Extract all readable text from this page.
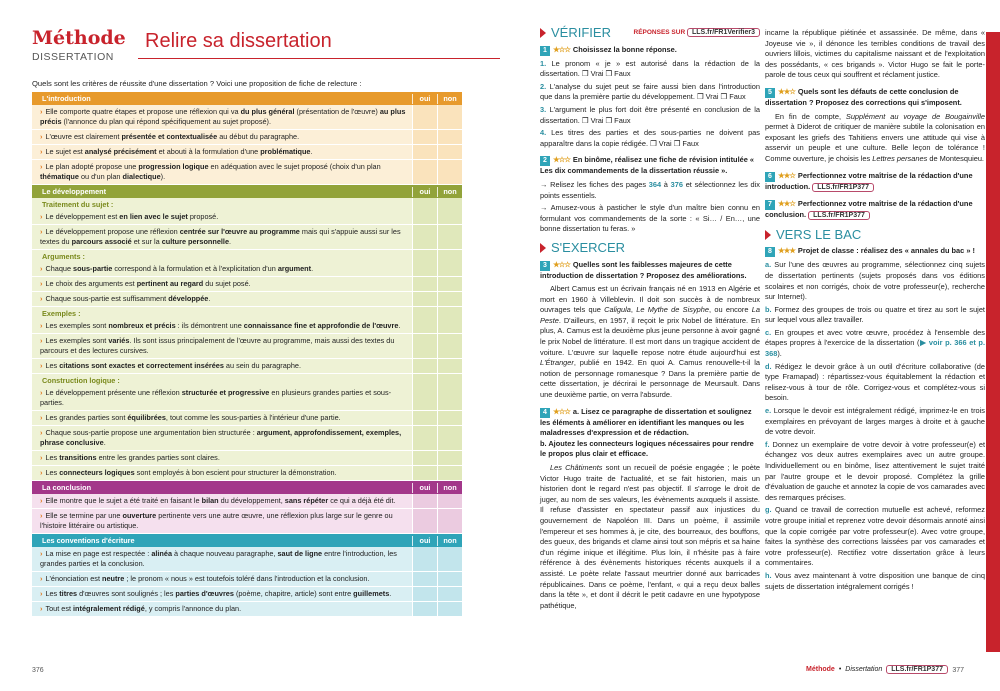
Méthode
DISSERTATION
Relire sa dissertation
Quels sont les critères de réussite d'une dissertation ? Voici une proposition de fiche de relecture :
L'introduction	oui	non
› Elle comporte quatre étapes et propose une réflexion qui va du plus général (présentation de l'œuvre) au plus précis (l'annonce du plan qui répond spécifiquement au sujet proposé).
› L'œuvre est clairement présentée et contextualisée au début du paragraphe.
› Le sujet est analysé précisément et abouti à la formulation d'une problématique.
› Le plan adopté propose une progression logique en adéquation avec le sujet proposé (choix d'un plan thématique ou d'un plan dialectique).
Le développement	oui	non
Traitement du sujet :
› Le développement est en lien avec le sujet proposé.
› Le développement propose une réflexion centrée sur l'œuvre au programme mais qui s'appuie aussi sur les textes du parcours associé et sur la culture personnelle.
Arguments :
› Chaque sous-partie correspond à la formulation et à l'explicitation d'un argument.
› Le choix des arguments est pertinent au regard du sujet posé.
› Chaque sous-partie est suffisamment développée.
Exemples :
› Les exemples sont nombreux et précis : ils démontrent une connaissance fine et approfondie de l'œuvre.
› Les exemples sont variés. Ils sont issus principalement de l'œuvre au programme, mais aussi des textes du parcours et des lectures cursives.
› Les citations sont exactes et correctement insérées au sein du paragraphe.
Construction logique :
› Le développement présente une réflexion structurée et progressive en plusieurs grandes parties et sous-parties.
› Les grandes parties sont équilibrées, tout comme les sous-parties à l'intérieur d'une partie.
› Chaque sous-partie propose une argumentation bien structurée : argument, approfondissement, exemples, phrase conclusive.
› Les transitions entre les grandes parties sont claires.
› Les connecteurs logiques sont employés à bon escient pour structurer la démonstration.
La conclusion	oui	non
› Elle montre que le sujet a été traité en faisant le bilan du développement, sans répéter ce qui a déjà été dit.
› Elle se termine par une ouverture pertinente vers une autre œuvre, une réflexion plus large sur le genre ou l'histoire littéraire ou artistique.
Les conventions d'écriture	oui	non
› La mise en page est respectée : alinéa à chaque nouveau paragraphe, saut de ligne entre l'introduction, les grandes parties et la conclusion.
› L'énonciation est neutre ; le pronom « nous » est toutefois toléré dans l'introduction et la conclusion.
› Les titres d'œuvres sont soulignés ; les parties d'œuvres (poème, chapitre, article) sont entre guillemets.
› Tout est intégralement rédigé, y compris l'annonce du plan.
376
VÉRIFIER	RÉPONSES SUR LLS.fr/FR1Verifier3
1 ★☆☆ Choisissez la bonne réponse.

1. Le pronom « je » est autorisé dans la rédaction de la dissertation. ❒ Vrai ❒ Faux

2. L'analyse du sujet peut se faire aussi bien dans l'introduction que dans la première partie du développement. ❒ Vrai ❒ Faux

3. L'argument le plus fort doit être présenté en conclusion de la dissertation. ❒ Vrai ❒ Faux

4. Les titres des parties et des sous-parties ne doivent pas apparaître dans la copie rédigée. ❒ Vrai ❒ Faux

2 ★☆☆ En binôme, réalisez une fiche de révision intitulée « Les dix commandements de la dissertation réussie ».

→ Relisez les fiches des pages 364 à 376 et sélectionnez les dix points essentiels.

→ Amusez-vous à pasticher le style d'un maître bien connu en formulant vos commandements de la sorte : « Si… / En…, une bonne dissertation tu feras. »

S'EXERCER
3 ★☆☆ Quelles sont les faiblesses majeures de cette introduction de dissertation ? Proposez des améliorations.

Albert Camus est un écrivain français né en 1913 en Algérie et mort en 1960 à Villeblevin. Il doit son succès à de nombreux ouvrages tels que Caligula, Le Mythe de Sisyphe, ou encore La Peste. D'ailleurs, en 1957, il reçoit le prix Nobel de littérature. En plus, A. Camus est la deuxième plus jeune personne à avoir gagné le prix Nobel de littérature. Il est mort dans un tragique accident de voiture. L'œuvre sur laquelle repose notre étude aujourd'hui est L'Étranger, publié en 1942. En quoi A. Camus renouvelle-t-il la notion de personnage romanesque ? Dans la première partie de cette dissertation, je décrirai le personnage de Meursault. Dans une deuxième partie, on verra l'absurde.

4 ★☆☆ a. Lisez ce paragraphe de dissertation et soulignez les éléments à améliorer en identifiant les manques ou les maladresses d'expression et de rédaction.
b. Ajoutez les connecteurs logiques nécessaires pour rendre le propos plus clair et efficace.

Les Châtiments sont un recueil de poésie engagée ; le poète Victor Hugo traite de l'actualité, et se fait historien, mais un historien dont le regard n'est pas objectif. Il s'arroge le droit de juger, au nom de ses valeurs, les évènements auxquels il assiste. Il refuse d'assister en spectateur passif aux injustices du gouvernement de Napoléon III. Dans un poème, il assimile l'empereur et ses hommes à, je cite, des bourreaux, des bouffons, des gueux, des brigands et clame ainsi tout son mépris et sa haine d'un régime inique et illégitime. Plus loin, il n'hésite pas à faire référence à des évènements historiques récents auxquels il a assisté. Le poète relate l'assaut meurtrier donné aux barricades républicaines. Dans ce poème, l'enfant, « qui a reçu deux balles dans la tête », et dont il décrit le petit cadavre en une hypotypose pathétique,

incarne la république piétinée et assassinée. De même, dans « Joyeuse vie », il dénonce les terribles conditions de travail des ouvriers lillois, victimes du capitalisme naissant et de l'exploitation des possédants, « ces brigands ». Victor Hugo se fait le porte-parole de tous ceux qui souffrent et réclament justice.

5 ★★☆ Quels sont les défauts de cette conclusion de dissertation ? Proposez des corrections qui s'imposent.

En fin de compte, Supplément au voyage de Bougainville permet à Diderot de critiquer de manière subtile la colonisation en exposant les griefs des Tahitiens envers une attitude qui vise à asservir un peuple et une culture. Belle leçon de tolérance ! Comme ouverture, je choisis les Lettres persanes de Montesquieu.

6 ★★☆ Perfectionnez votre maîtrise de la rédaction d'une introduction. LLS.fr/FR1P377
7 ★★☆ Perfectionnez votre maîtrise de la rédaction d'une conclusion. LLS.fr/FR1P377
VERS LE BAC
8 ★★★ Projet de classe : réalisez des « annales du bac » !

a. Sur l'une des œuvres au programme, sélectionnez cinq sujets de dissertation pertinents (sujets proposés dans vos éditions scolaires et non corrigés, choix de votre professeur(e), recherche sur Internet).

b. Formez des groupes de trois ou quatre et tirez au sort le sujet sur lequel vous allez travailler.

c. En groupes et avec votre œuvre, procédez à l'ensemble des étapes propres à l'exercice de la dissertation (▶ voir p. 366 et p. 368).

d. Rédigez le devoir grâce à un outil d'écriture collaborative (de type Framapad) : répartissez-vous équitablement la rédaction et relisez-vous à tour de rôle. Corrigez-vous et complétez-vous si besoin.

e. Lorsque le devoir est intégralement rédigé, imprimez-le en trois exemplaires en prévoyant de larges marges à droite et à gauche de votre devoir.

f. Donnez un exemplaire de votre devoir à votre professeur(e) et échangez vos deux autres exemplaires avec un autre groupe. Individuellement ou en binôme, lisez attentivement le sujet traité par l'autre groupe et le devoir proposé. Complétez la grille d'évaluation de gauche et annotez la copie de vos camarades avec des remarques précises.

g. Quand ce travail de correction mutuelle est achevé, reformez votre groupe initial et reprenez votre devoir désormais annoté ainsi que la copie corrigée par votre professeur(e). Avec votre groupe, faites la synthèse des corrections laissées par vos camarades et votre professeur(e). Rectifiez votre dissertation grâce à leurs commentaires.

h. Vous avez maintenant à votre disposition une banque de cinq sujets de dissertation intégralement corrigés !

Méthode • Dissertation	LLS.fr/FR1P377	377
